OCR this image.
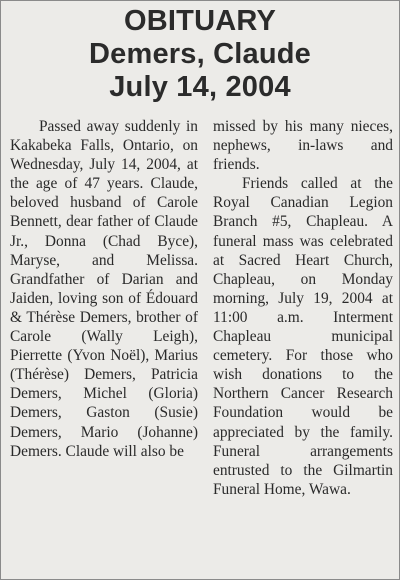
OBITUARY
Demers, Claude
July 14, 2004

Passed away suddenly in Kakabeka Falls, Ontario, on Wednesday, July 14, 2004, at the age of 47 years. Claude, beloved husband of Carole Bennett, dear father of Claude Jr., Donna (Chad Byce), Maryse, and Melissa. Grandfather of Darian and Jaiden, loving son of Édouard & Thérèse Demers, brother of Carole (Wally Leigh), Pierrette (Yvon Noël), Marius (Thérèse) Demers, Patricia Demers, Michel (Gloria) Demers, Gaston (Susie) Demers, Mario (Johanne) Demers. Claude will also be

missed by his many nieces, nephews, in-laws and friends.

Friends called at the Royal Canadian Legion Branch #5, Chapleau. A funeral mass was celebrated at Sacred Heart Church, Chapleau, on Monday morning, July 19, 2004 at 11:00 a.m. Interment Chapleau municipal cemetery. For those who wish donations to the Northern Cancer Research Foundation would be appreciated by the family. Funeral arrangements entrusted to the Gilmartin Funeral Home, Wawa.
